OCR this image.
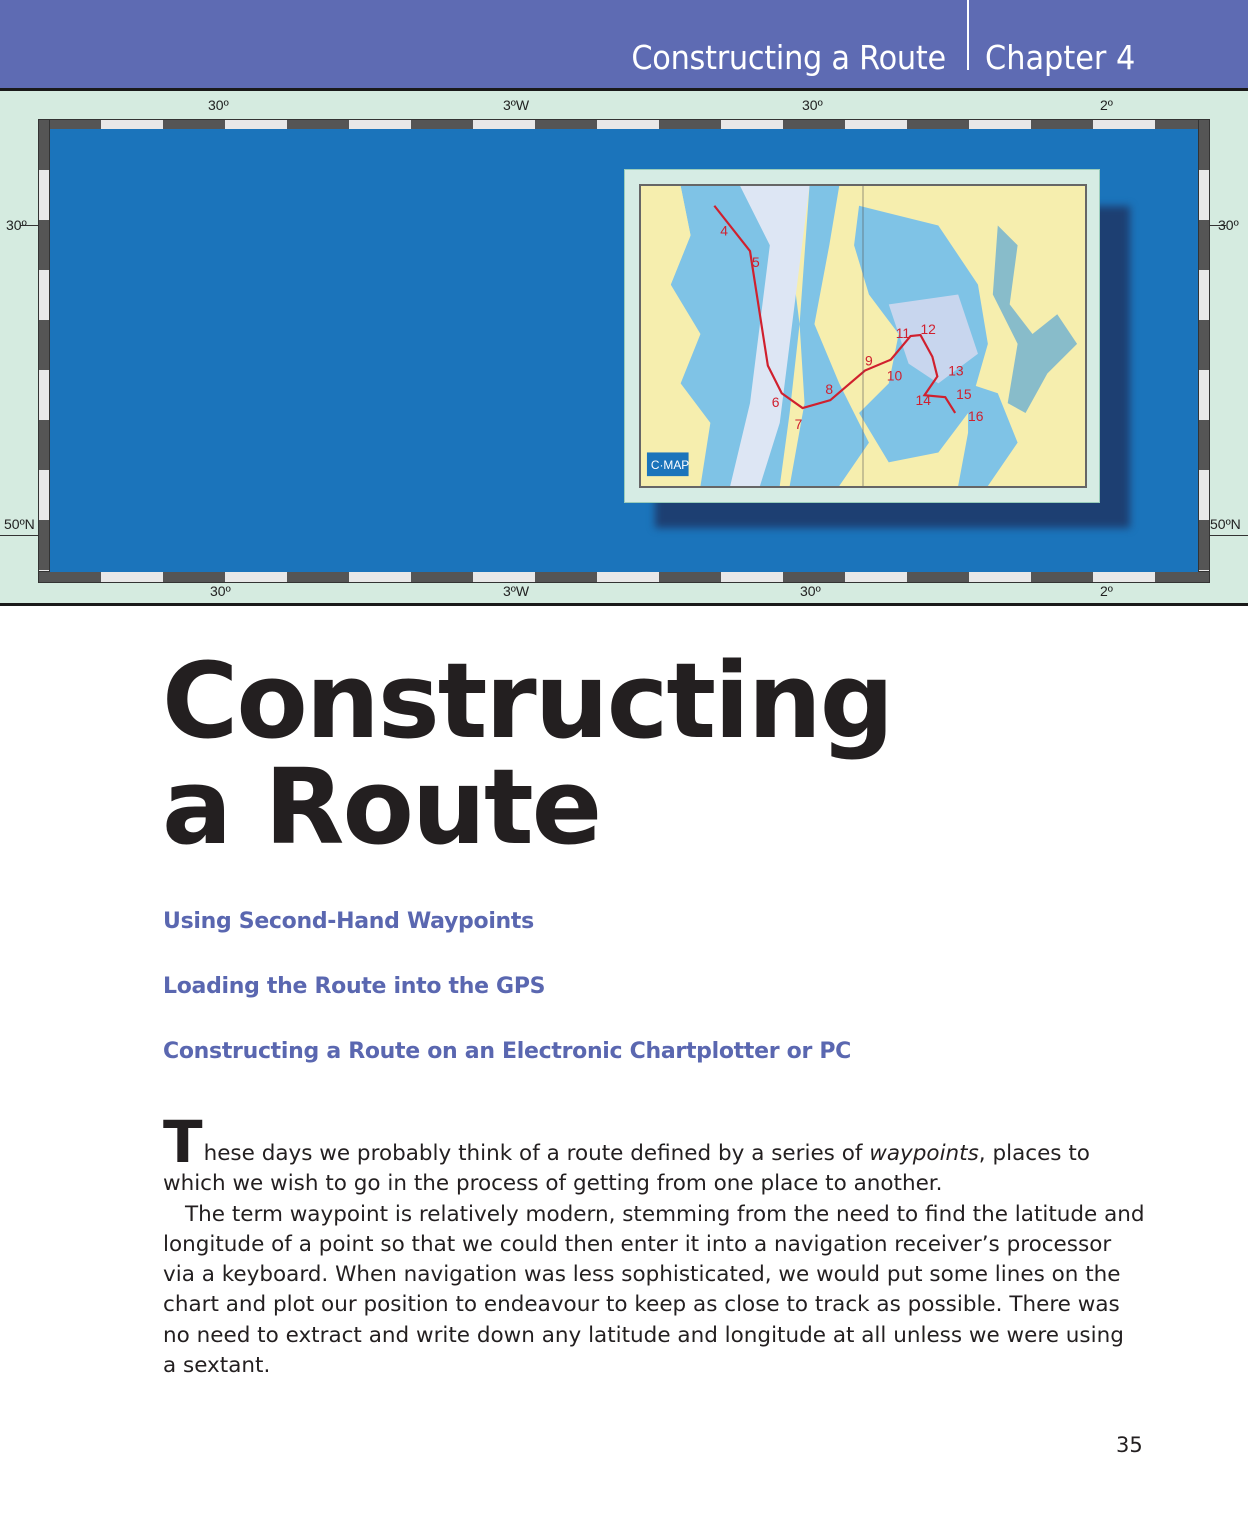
Constructing a Route Chapter 4
30º	3ºW	30º	2º
30º
50ºN
30º
50ºN
4
5
6
7
8
9
10
11 12
13
14 15
16
C·MAP
30º	3ºW	30º	2º
Constructing
a Route
Using Second-Hand Waypoints
Loading the Route into the GPS
Constructing a Route on an Electronic Chartplotter or PC
These days we probably think of a route defined by a series of waypoints, places to
which we wish to go in the process of getting from one place to another.
The term waypoint is relatively modern, stemming from the need to find the latitude and
longitude of a point so that we could then enter it into a navigation receiver’s processor
via a keyboard. When navigation was less sophisticated, we would put some lines on the
chart and plot our position to endeavour to keep as close to track as possible. There was
no need to extract and write down any latitude and longitude at all unless we were using
a sextant.
35
